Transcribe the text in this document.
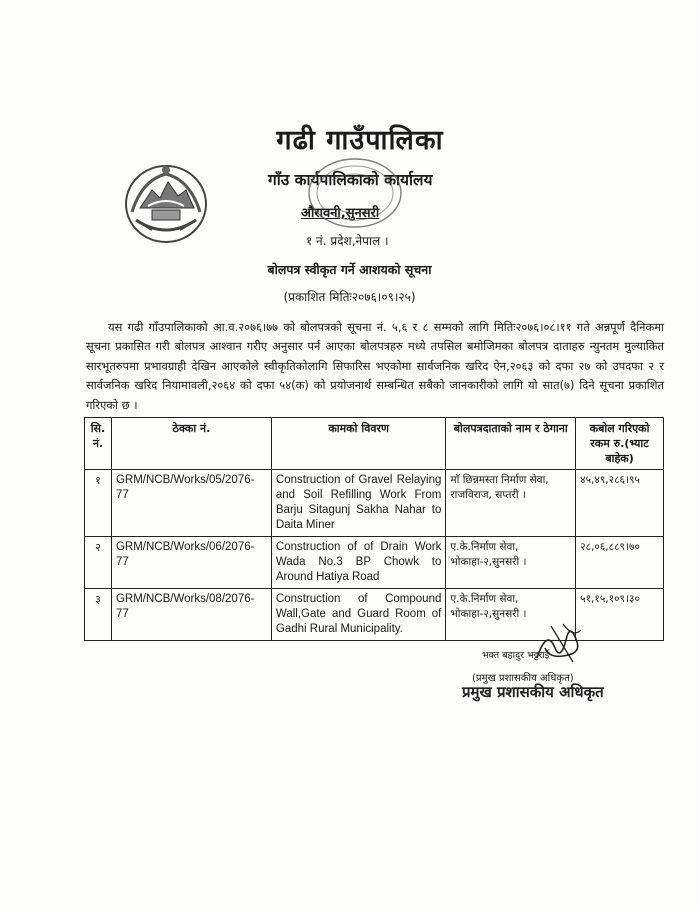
गढी गाउँपालिका
गाँउ कार्यपालिकाको कार्यालय
औरावनी,सुनसरी
१ नं. प्रदेश,नेपाल ।
बोलपत्र स्वीकृत गर्ने आशयको सूचना
(प्रकाशित मितिः२०७६।०९।२५)
यस गढी गाँउपालिकाको आ.व.२०७६।७७ को बोलपत्रको सूचना नं. ५,६ र ८ सम्मको लागि मितिः२०७६।०८।११ गते अन्नपूर्ण दैनिकमा सूचना प्रकासित गरी बोलपत्र आश्वान गरीए अनुसार पर्न आएका बोलपत्रहरु मध्ये तपसिल बमोजिमका बोलपत्र दाताहरु न्युनतम मुल्याकित सारभूतरुपमा प्रभावग्राही देखिन आएकोले स्वीकृतिकोलागि सिफारिस भएकोमा सार्वजनिक खरिद ऐन,२०६३ को दफा २७ को उपदफा २ र सार्वजनिक खरिद नियामावली,२०६४ को दफा ५४(क) को प्रयोजनार्थ सम्बन्धित सबैको जानकारीको लागि यो सात(७) दिने सूचना प्रकाशित गरिएको छ ।
सि. नं.	ठेक्का नं.	कामको विवरण	बोलपत्रदाताको नाम र ठेगाना	कबोल गरिएको रकम रु.(भ्याट बाहेक)
१	GRM/NCB/Works/05/2076-77	Construction of Gravel Relaying and Soil Refilling Work From Barju Sitagunj Sakha Nahar to Daita Miner	माँ छिन्नमस्ता निर्माण सेवा, राजविराज, सप्तरी ।	४५,४९,२८६।९५
२	GRM/NCB/Works/06/2076-77	Construction of of Drain Work Wada No.3 BP Chowk to Around Hatiya Road	ए.के.निर्माण सेवा, भोकाहा-२,सुनसरी ।	२८,०६,८८९।७०
३	GRM/NCB/Works/08/2076-77	Construction of Compound Wall,Gate and Guard Room of Gadhi Rural Municipality.	ए.के.निर्माण सेवा, भोकाहा-२,सुनसरी ।	५१,१५,१०९।३०
भक्त बहादुर भट्टराई
(प्रमुख प्रशासकीय अधिकृत)
प्रमुख प्रशासकीय अधिकृत
